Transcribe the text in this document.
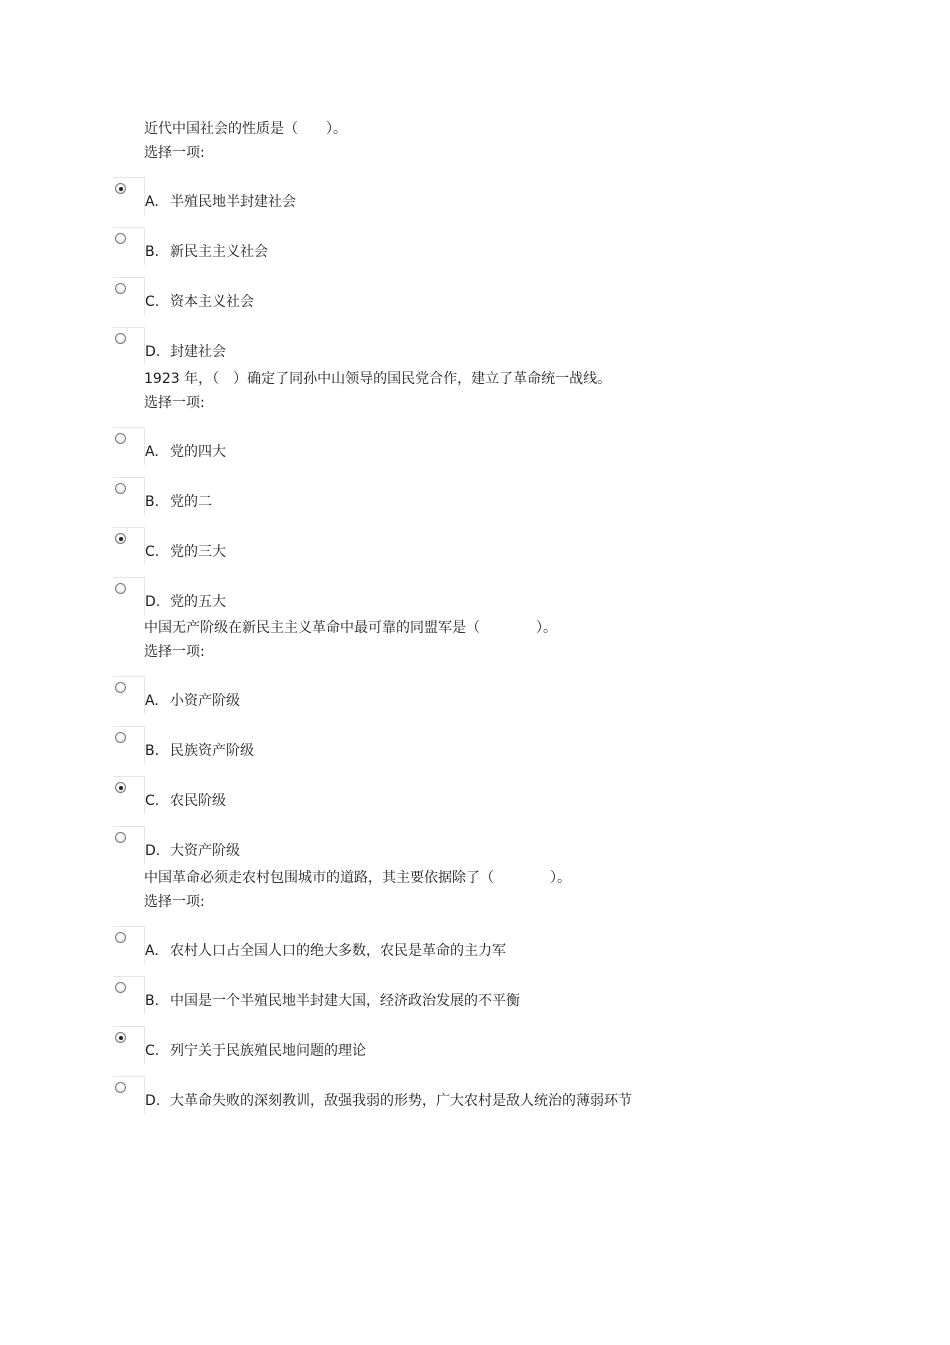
近代中国社会的性质是（　　）。
选择一项:
A. 半殖民地半封建社会
B. 新民主主义社会
C. 资本主义社会
D. 封建社会
1923 年，（　）确定了同孙中山领导的国民党合作，建立了革命统一战线。
选择一项:
A. 党的四大
B. 党的二
C. 党的三大
D. 党的五大
中国无产阶级在新民主主义革命中最可靠的同盟军是（　　　　）。
选择一项:
A. 小资产阶级
B. 民族资产阶级
C. 农民阶级
D. 大资产阶级
中国革命必须走农村包围城市的道路，其主要依据除了（　　　　）。
选择一项:
A. 农村人口占全国人口的绝大多数，农民是革命的主力军
B. 中国是一个半殖民地半封建大国，经济政治发展的不平衡
C. 列宁关于民族殖民地问题的理论
D. 大革命失败的深刻教训，敌强我弱的形势，广大农村是敌人统治的薄弱环节
